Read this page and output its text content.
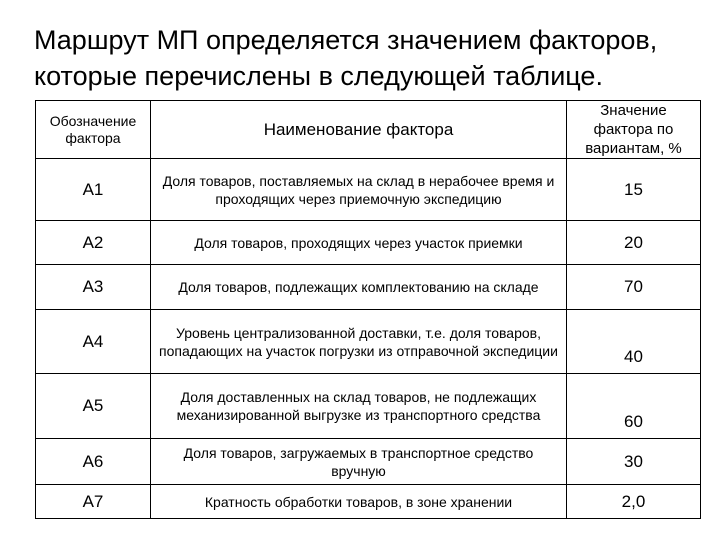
Маршрут МП определяется значением факторов,
которые перечислены в следующей таблице.
Обозначение фактора	Наименование фактора	Значение фактора по вариантам, %
А1	Доля товаров, поставляемых на склад в нерабочее время и проходящих через приемочную экспедицию	15
А2	Доля товаров, проходящих через участок приемки	20
А3	Доля товаров, подлежащих комплектованию на складе	70
А4	Уровень централизованной доставки, т.е. доля товаров, попадающих на участок погрузки из отправочной экспедиции	40
А5	Доля доставленных на склад товаров, не подлежащих механизированной выгрузке из транспортного средства	60
А6	Доля товаров, загружаемых в транспортное средство вручную	30
А7	Кратность обработки товаров, в зоне хранении	2,0
